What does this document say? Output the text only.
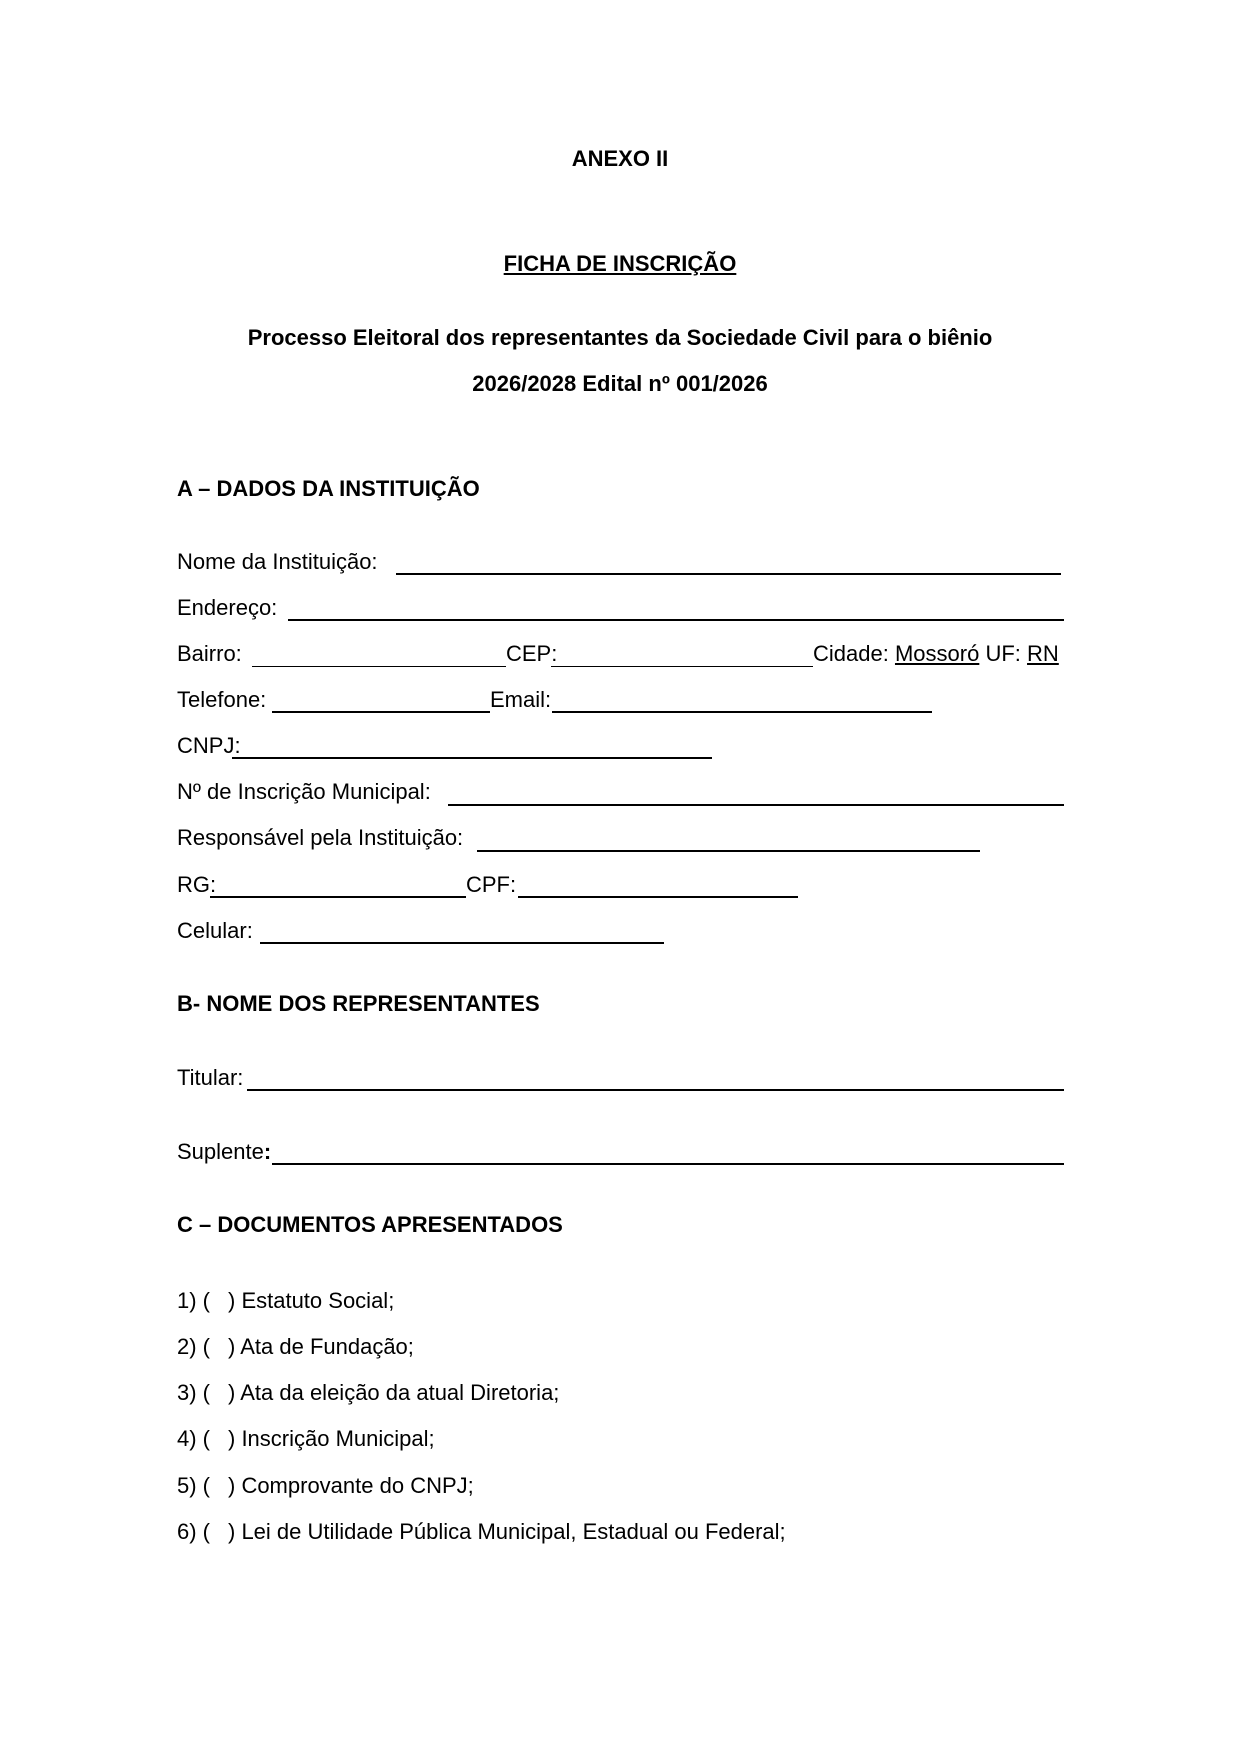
ANEXO II
FICHA DE INSCRIÇÃO
Processo Eleitoral dos representantes da Sociedade Civil para o biênio
2026/2028 Edital nº 001/2026
A – DADOS DA INSTITUIÇÃO
Nome da Instituição:
Endereço:
Bairro:	CEP:	Cidade: Mossoró UF: RN
Telefone:	Email:
CNPJ:
Nº de Inscrição Municipal:
Responsável pela Instituição:
RG:	CPF:
Celular:
B- NOME DOS REPRESENTANTES
Titular:
Suplente:
C – DOCUMENTOS APRESENTADOS
1) ( ) Estatuto Social;
2) ( ) Ata de Fundação;
3) ( ) Ata da eleição da atual Diretoria;
4) ( ) Inscrição Municipal;
5) ( ) Comprovante do CNPJ;
6) ( ) Lei de Utilidade Pública Municipal, Estadual ou Federal;
